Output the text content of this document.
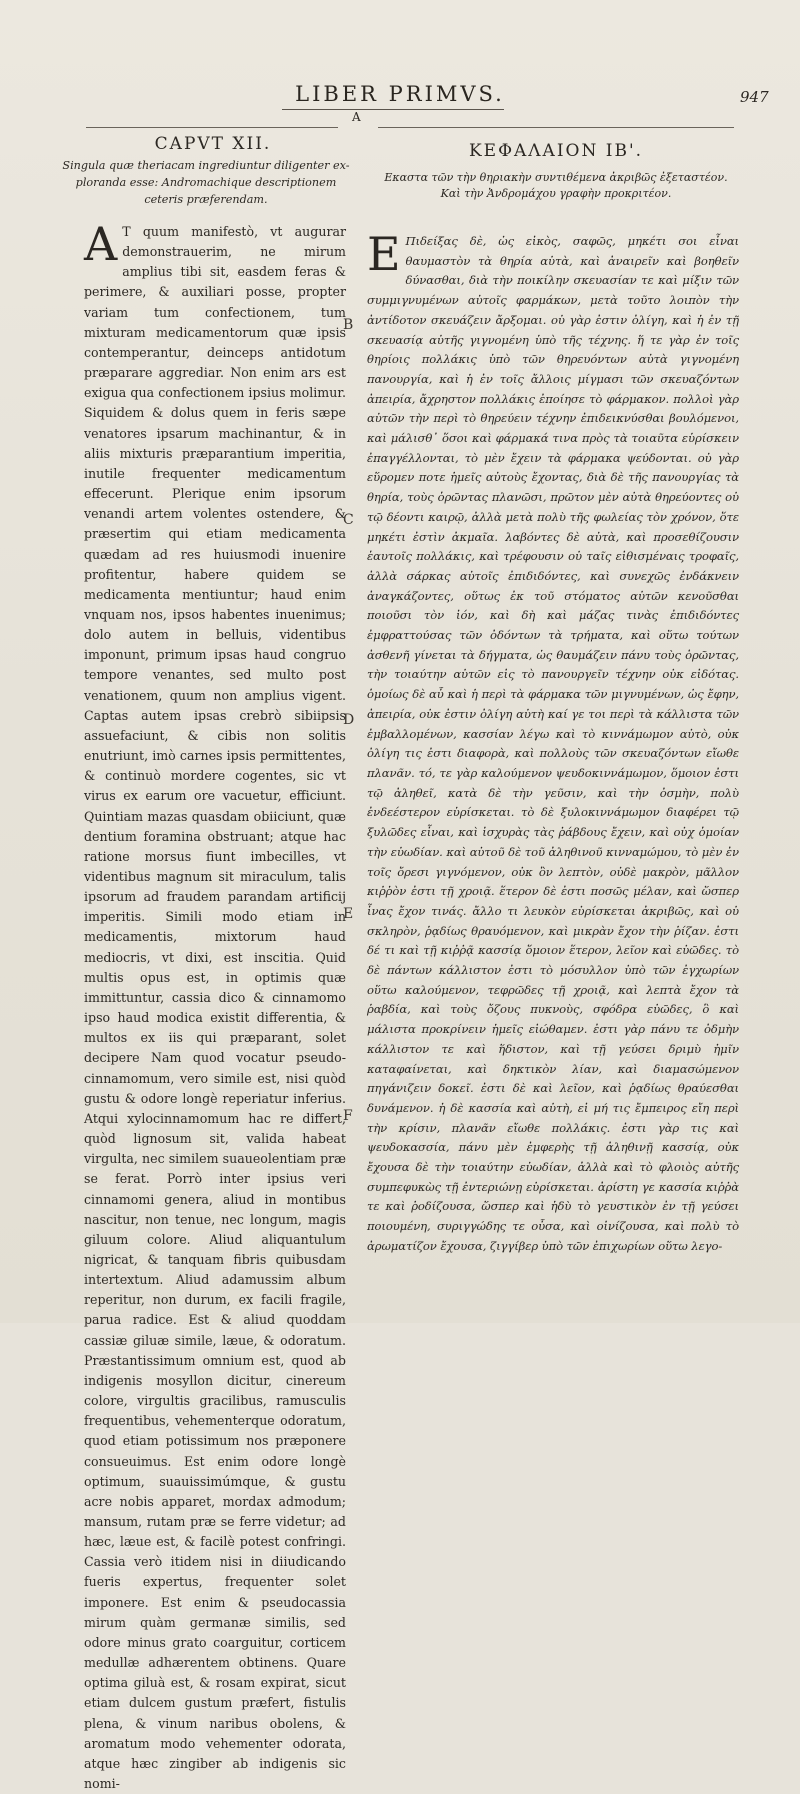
LIBER PRIMVS.	947
A
CAPVT XII.
Singula quæ theriacam ingrediuntur diligenter ex- ploranda esse: Andromachique descriptionem ceteris præferendam.
ΚΕΦΑΛΑΙΟΝ ΙΒ'.
Εκαστα τῶν τὴν θηριακὴν συντιθέμενα ἀκριβῶς ἐξεταστέον. Καὶ τὴν Ἀνδρομάχου γραφὴν προκριτέον.
A T quum manifestò, vt augurar demonstrauerim, ne mirum amplius tibi sit, easdem feras & perimere, & auxiliari posse, propter variam tum confectionem, tum mixturam medicamentorum quæ ipsis contemperantur, deinceps antidotum præparare aggrediar. Non enim ars est exigua qua confectionem ipsius molimur. Siquidem & dolus quem in feris sæpe venatores ipsarum machinantur, & in aliis mixturis præparantium imperitia, inutile frequenter medicamentum effecerunt. Plerique enim ipsorum venandi artem volentes ostendere, & præsertim qui etiam medicamenta quædam ad res huiusmodi inuenire profitentur, habere quidem se medicamenta mentiuntur; haud enim vnquam nos, ipsos habentes inuenimus; dolo autem in belluis, videntibus imponunt, primum ipsas haud congruo tempore venantes, sed multo post venationem, quum non amplius vigent. Captas autem ipsas crebrò sibiipsis assuefaciunt, & cibis non solitis enutriunt, imò carnes ipsis permittentes, & continuò mordere cogentes, sic vt virus ex earum ore vacuetur, efficiunt. Quintiam mazas quasdam obiiciunt, quæ dentium foramina obstruant; atque hac ratione morsus fiunt imbecilles, vt videntibus magnum sit miraculum, talis ipsorum ad fraudem parandam artificij imperitis. Simili modo etiam in medicamentis, mixtorum haud mediocris, vt dixi, est inscitia. Quid multis opus est, in optimis quæ immittuntur, cassia dico & cinnamomo ipso haud modica existit differentia, & multos ex iis qui præparant, solet decipere Nam quod vocatur pseudo-cinnamomum, vero simile est, nisi quòd gustu & odore longè reperiatur inferius. Atqui xylocinnamomum hac re differt, quòd lignosum sit, valida habeat virgulta, nec similem suaueolentiam præ se ferat. Porrò inter ipsius veri cinnamomi genera, aliud in montibus nascitur, non tenue, nec longum, magis giluum colore. Aliud aliquantulum nigricat, & tanquam fibris quibusdam intertextum. Aliud adamussim album reperitur, non durum, ex facili fragile, parua radice. Est & aliud quoddam cassiæ giluæ simile, læue, & odoratum. Præstantissimum omnium est, quod ab indigenis mosyllon dicitur, cinereum colore, virgultis gracilibus, ramusculis frequentibus, vehementerque odoratum, quod etiam potissimum nos præponere consueuimus. Est enim odore longè optimum, suauissimúmque, & gustu acre nobis apparet, mordax admodum; mansum, rutam præ se ferre videtur; ad hæc, læue est, & facilè potest confringi. Cassia verò itidem nisi in diiudicando fueris expertus, frequenter solet imponere. Est enim & pseudocassia mirum quàm germanæ similis, sed odore minus grato coarguitur, corticem medullæ adhærentem obtinens. Quare optima giluà est, & rosam expirat, sicut etiam dulcem gustum præfert, fistulis plena, & vinum naribus obolens, & aromatum modo vehementer odorata, atque hæc zingiber ab indigenis sic nomi-
B
C
D
E
F
Ε Πιδείξας δὲ, ὡς εἰκὸς, σαφῶς, μηκέτι σοι εἶναι θαυμαστὸν τὰ θηρία αὐτὰ, καὶ ἀναιρεῖν καὶ βοηθεῖν δύνασθαι, διὰ τὴν ποικίλην σκευασίαν τε καὶ μίξιν τῶν συμμιγνυμένων αὐτοῖς φαρμάκων, μετὰ τοῦτο λοιπὸν τὴν ἀντίδοτον σκευάζειν ἄρξομαι. οὐ γὰρ ἐστιν ὀλίγη, καὶ ἡ ἐν τῇ σκευασίᾳ αὐτῆς γιγνομένη ὑπὸ τῆς τέχνης. ἥ τε γὰρ ἐν τοῖς θηρίοις πολλάκις ὑπὸ τῶν θηρευόντων αὐτὰ γιγνομένη πανουργία, καὶ ἡ ἐν τοῖς ἄλλοις μίγμασι τῶν σκευαζόντων ἀπειρία, ἄχρηστον πολλάκις ἐποίησε τὸ φάρμακον. πολλοὶ γὰρ αὐτῶν τὴν περὶ τὸ θηρεύειν τέχνην ἐπιδεικνύσθαι βουλόμενοι, καὶ μάλισθ᾽ ὅσοι καὶ φάρμακά τινα πρὸς τὰ τοιαῦτα εὑρίσκειν ἐπαγγέλλονται, τὸ μὲν ἔχειν τὰ φάρμακα ψεύδονται. οὐ γὰρ εὕρομεν ποτε ἡμεῖς αὐτοὺς ἔχοντας, διὰ δὲ τῆς πανουργίας τὰ θηρία, τοὺς ὁρῶντας πλανῶσι, πρῶτον μὲν αὐτὰ θηρεύοντες οὐ τῷ δέοντι καιρῷ, ἀλλὰ μετὰ πολὺ τῆς φωλείας τὸν χρόνον, ὅτε μηκέτι ἐστὶν ἀκμαῖα. λαβόντες δὲ αὐτὰ, καὶ προσεθίζουσιν ἑαυτοῖς πολλάκις, καὶ τρέφουσιν οὐ ταῖς εἰθισμέναις τροφαῖς, ἀλλὰ σάρκας αὐτοῖς ἐπιδιδόντες, καὶ συνεχῶς ἐνδάκνειν ἀναγκάζοντες, οὕτως ἐκ τοῦ στόματος αὐτῶν κενοῦσθαι ποιοῦσι τὸν ἰόν, καὶ δὴ καὶ μάζας τινὰς ἐπιδιδόντες ἐμφραττούσας τῶν ὀδόντων τὰ τρήματα, καὶ οὕτω τούτων ἀσθενῆ γίνεται τὰ δήγματα, ὡς θαυμάζειν πάνυ τοὺς ὁρῶντας, τὴν τοιαύτην αὐτῶν εἰς τὸ πανουργεῖν τέχνην οὐκ εἰδότας. ὁμοίως δὲ αὖ καὶ ἡ περὶ τὰ φάρμακα τῶν μιγνυμένων, ὡς ἔφην, ἀπειρία, οὐκ ἐστιν ὀλίγη αὐτὴ καί γε τοι περὶ τὰ κάλλιστα τῶν ἐμβαλλομένων, κασσίαν λέγω καὶ τὸ κιννάμωμον αὐτὸ, οὐκ ὀλίγη τις ἐστι διαφορὰ, καὶ πολλοὺς τῶν σκευαζόντων εἴωθε πλανᾶν. τό, τε γὰρ καλούμενον ψευδοκιννάμωμον, ὅμοιον ἐστι τῷ ἀληθεῖ, κατὰ δὲ τὴν γεῦσιν, καὶ τὴν ὀσμὴν, πολὺ ἐνδεέστερον εὑρίσκεται. τὸ δὲ ξυλοκιννάμωμον διαφέρει τῷ ξυλῶδες εἶναι, καὶ ἰσχυρὰς τὰς ῥάβδους ἔχειν, καὶ οὐχ ὁμοίαν τὴν εὐωδίαν. καὶ αὐτοῦ δὲ τοῦ ἀληθινοῦ κινναμώμου, τὸ μὲν ἐν τοῖς ὄρεσι γιγνόμενον, οὐκ ὂν λεπτὸν, οὐδὲ μακρὸν, μᾶλλον κιῤῥὸν ἐστι τῇ χροιᾷ. ἕτερον δὲ ἐστι ποσῶς μέλαν, καὶ ὥσπερ ἶνας ἔχον τινάς. ἄλλο τι λευκὸν εὑρίσκεται ἀκριβῶς, καὶ οὐ σκληρὸν, ῥᾳδίως θραυόμενον, καὶ μικρὰν ἔχον τὴν ῥίζαν. ἐστι δέ τι καὶ τῇ κιῤῥᾷ κασσίᾳ ὅμοιον ἕτερον, λεῖον καὶ εὐῶδες. τὸ δὲ πάντων κάλλιστον ἐστι τὸ μόσυλλον ὑπὸ τῶν ἐγχωρίων οὕτω καλούμενον, τεφρῶδες τῇ χροιᾷ, καὶ λεπτὰ ἔχον τὰ ῥαβδία, καὶ τοὺς ὄζους πυκνοὺς, σφόδρα εὐῶδες, ὃ καὶ μάλιστα προκρίνειν ἡμεῖς εἰώθαμεν. ἐστι γὰρ πάνυ τε ὀδμὴν κάλλιστον τε καὶ ἥδιστον, καὶ τῇ γεύσει δριμὺ ἡμῖν καταφαίνεται, καὶ δηκτικὸν λίαν, καὶ διαμασώμενον πηγάνιζειν δοκεῖ. ἐστι δὲ καὶ λεῖον, καὶ ῥᾳδίως θραύεσθαι δυνάμενον. ἡ δὲ κασσία καὶ αὐτὴ, εἰ μή τις ἔμπειρος εἴη περὶ τὴν κρίσιν, πλανᾶν εἴωθε πολλάκις. ἐστι γὰρ τις καὶ ψευδοκασσία, πάνυ μὲν ἐμφερὴς τῇ ἀληθινῇ κασσίᾳ, οὐκ ἔχουσα δὲ τὴν τοιαύτην εὐωδίαν, ἀλλὰ καὶ τὸ φλοιὸς αὐτῆς συμπεφυκὼς τῇ ἐντεριώνῃ εὑρίσκεται. ἀρίστη γε κασσία κιῤῥὰ τε καὶ ῥοδίζουσα, ὥσπερ καὶ ἡδὺ τὸ γευστικὸν ἐν τῇ γεύσει ποιουμένη, συριγγώδης τε οὖσα, καὶ οἰνίζουσα, καὶ πολὺ τὸ ἀρωματίζον ἔχουσα, ζιγγίβερ ὑπὸ τῶν ἐπιχωρίων οὕτω λεγο-
